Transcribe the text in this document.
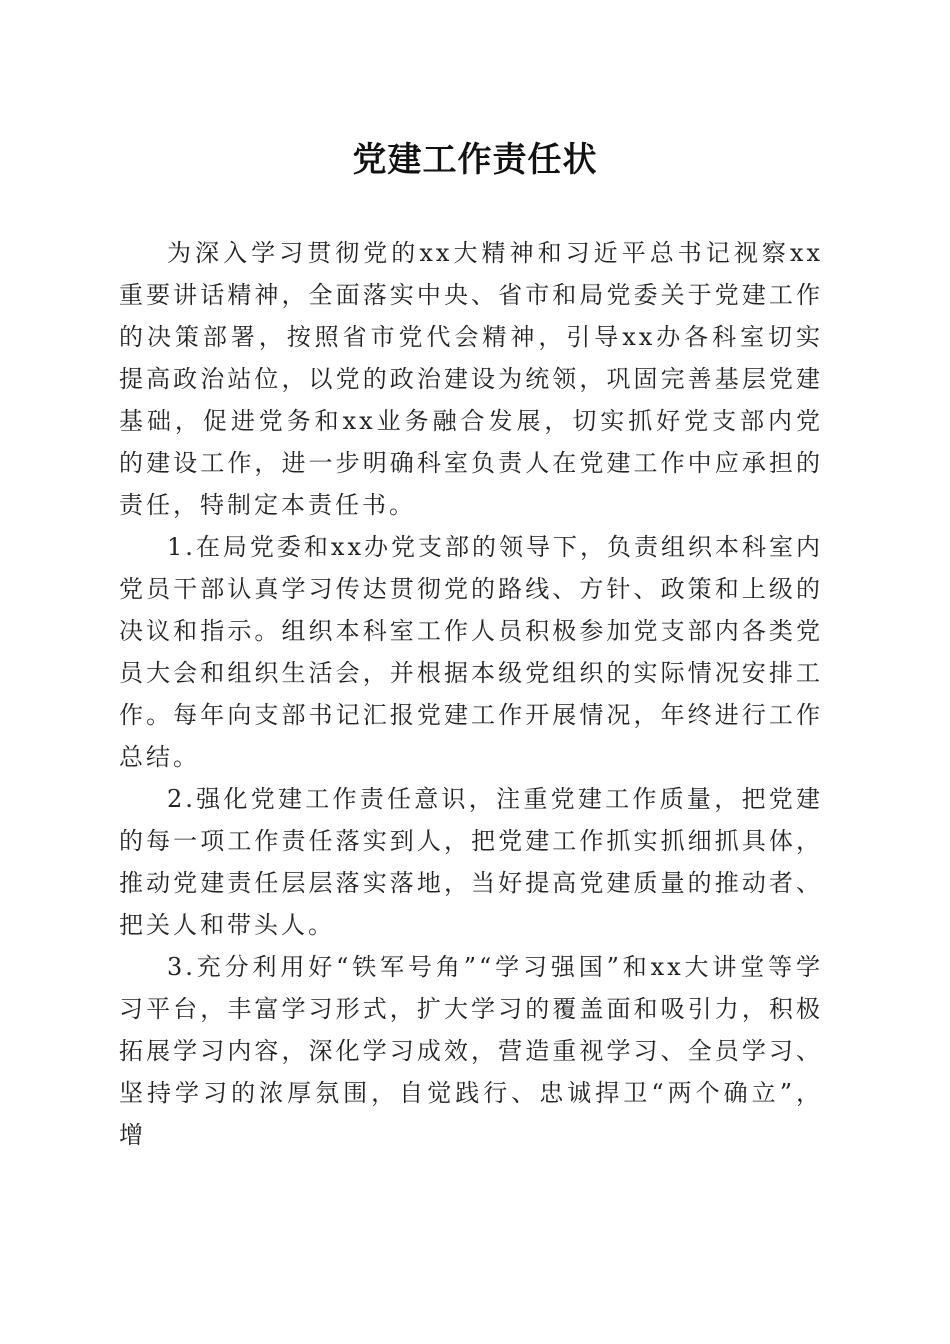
党建工作责任状

为深入学习贯彻党的xx大精神和习近平总书记视察xx重要讲话精神，全面落实中央、省市和局党委关于党建工作的决策部署，按照省市党代会精神，引导xx办各科室切实提高政治站位，以党的政治建设为统领，巩固完善基层党建基础，促进党务和xx业务融合发展，切实抓好党支部内党的建设工作，进一步明确科室负责人在党建工作中应承担的责任，特制定本责任书。

1.在局党委和xx办党支部的领导下，负责组织本科室内党员干部认真学习传达贯彻党的路线、方针、政策和上级的决议和指示。组织本科室工作人员积极参加党支部内各类党员大会和组织生活会，并根据本级党组织的实际情况安排工作。每年向支部书记汇报党建工作开展情况，年终进行工作总结。

2.强化党建工作责任意识，注重党建工作质量，把党建的每一项工作责任落实到人，把党建工作抓实抓细抓具体，推动党建责任层层落实落地，当好提高党建质量的推动者、把关人和带头人。

3.充分利用好“铁军号角”“学习强国”和xx大讲堂等学习平台，丰富学习形式，扩大学习的覆盖面和吸引力，积极拓展学习内容，深化学习成效，营造重视学习、全员学习、坚持学习的浓厚氛围，自觉践行、忠诚捍卫“两个确立”，增
